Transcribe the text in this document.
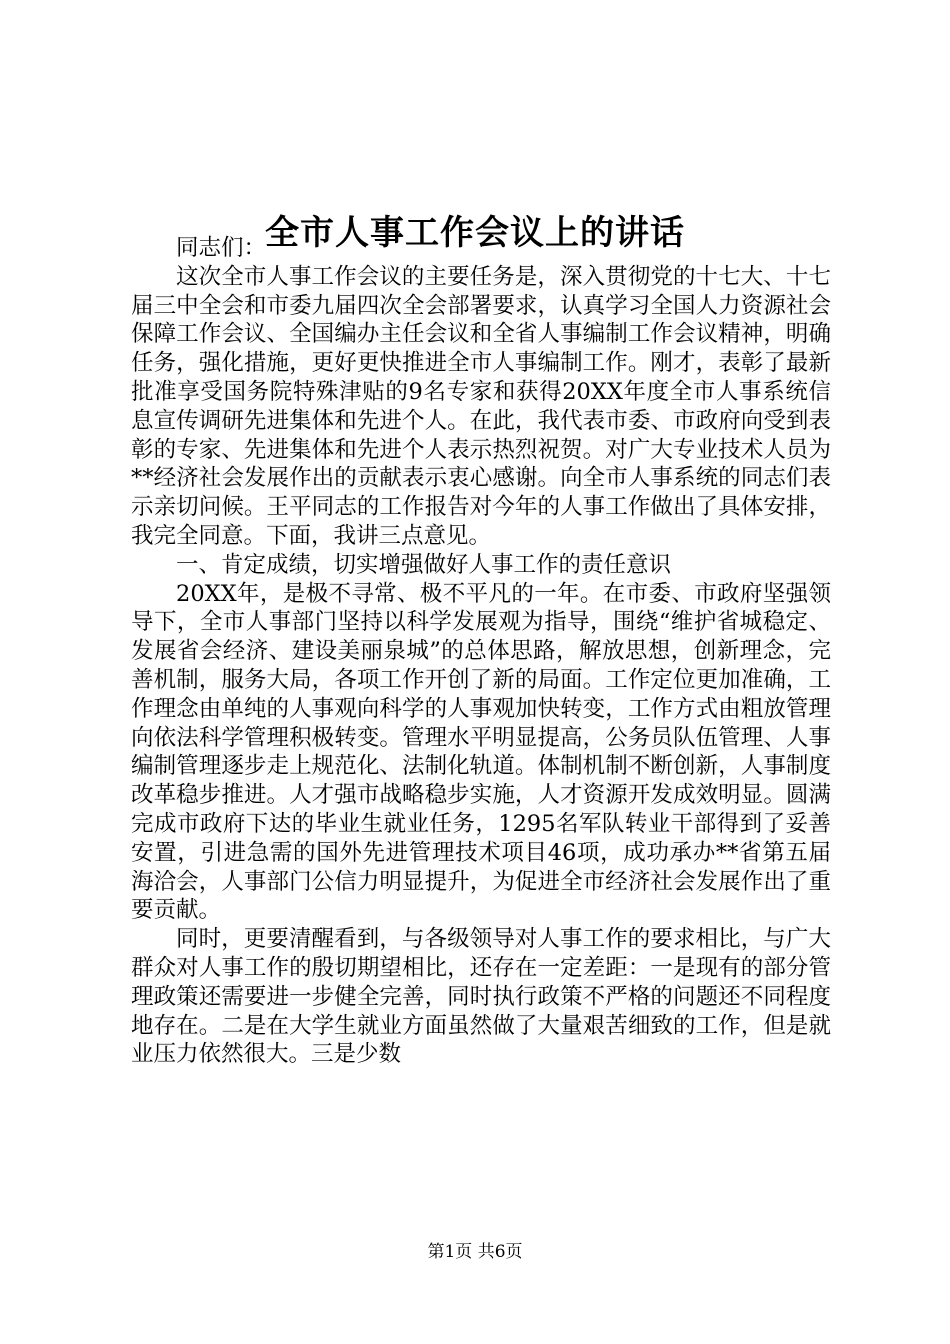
全市人事工作会议上的讲话

同志们：

这次全市人事工作会议的主要任务是，深入贯彻党的十七大、十七届三中全会和市委九届四次全会部署要求，认真学习全国人力资源社会保障工作会议、全国编办主任会议和全省人事编制工作会议精神，明确任务，强化措施，更好更快推进全市人事编制工作。刚才，表彰了最新批准享受国务院特殊津贴的9名专家和获得20XX年度全市人事系统信息宣传调研先进集体和先进个人。在此，我代表市委、市政府向受到表彰的专家、先进集体和先进个人表示热烈祝贺。对广大专业技术人员为**经济社会发展作出的贡献表示衷心感谢。向全市人事系统的同志们表示亲切问候。王平同志的工作报告对今年的人事工作做出了具体安排，我完全同意。下面，我讲三点意见。

一、肯定成绩，切实增强做好人事工作的责任意识

20XX年，是极不寻常、极不平凡的一年。在市委、市政府坚强领导下，全市人事部门坚持以科学发展观为指导，围绕“维护省城稳定、发展省会经济、建设美丽泉城”的总体思路，解放思想，创新理念，完善机制，服务大局，各项工作开创了新的局面。工作定位更加准确，工作理念由单纯的人事观向科学的人事观加快转变，工作方式由粗放管理向依法科学管理积极转变。管理水平明显提高，公务员队伍管理、人事编制管理逐步走上规范化、法制化轨道。体制机制不断创新，人事制度改革稳步推进。人才强市战略稳步实施，人才资源开发成效明显。圆满完成市政府下达的毕业生就业任务，1295名军队转业干部得到了妥善安置，引进急需的国外先进管理技术项目46项，成功承办**省第五届海洽会，人事部门公信力明显提升，为促进全市经济社会发展作出了重要贡献。

同时，更要清醒看到，与各级领导对人事工作的要求相比，与广大群众对人事工作的殷切期望相比，还存在一定差距：一是现有的部分管理政策还需要进一步健全完善，同时执行政策不严格的问题还不同程度地存在。二是在大学生就业方面虽然做了大量艰苦细致的工作，但是就业压力依然很大。三是少数

第1页 共6页
